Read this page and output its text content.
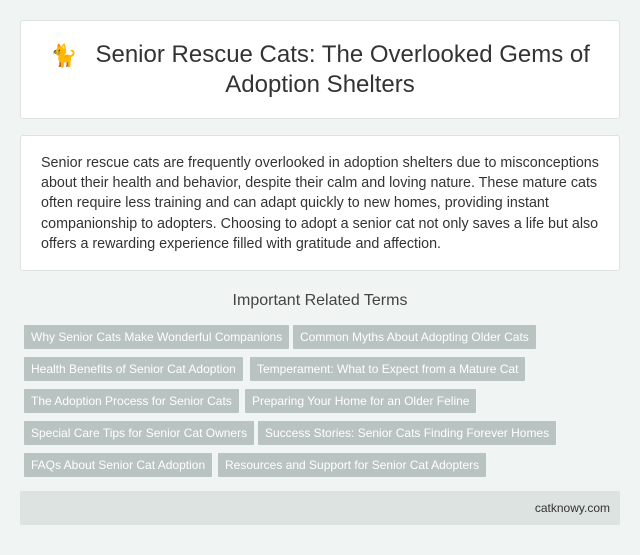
🐈 Senior Rescue Cats: The Overlooked Gems of Adoption Shelters

Senior rescue cats are frequently overlooked in adoption shelters due to misconceptions about their health and behavior, despite their calm and loving nature. These mature cats often require less training and can adapt quickly to new homes, providing instant companionship to adopters. Choosing to adopt a senior cat not only saves a life but also offers a rewarding experience filled with gratitude and affection.

Important Related Terms
Why Senior Cats Make Wonderful Companions	Common Myths About Adopting Older Cats
Health Benefits of Senior Cat Adoption	Temperament: What to Expect from a Mature Cat
The Adoption Process for Senior Cats	Preparing Your Home for an Older Feline
Special Care Tips for Senior Cat Owners	Success Stories: Senior Cats Finding Forever Homes
FAQs About Senior Cat Adoption	Resources and Support for Senior Cat Adopters
catknowy.com
